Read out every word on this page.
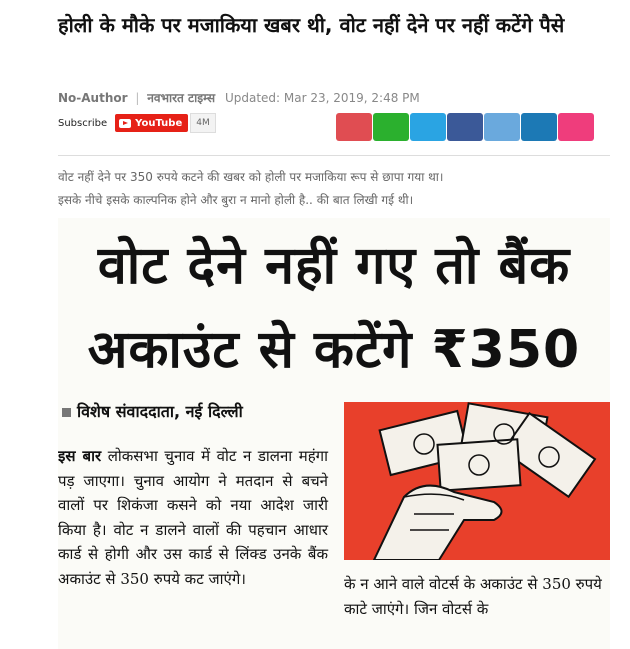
होली के मौके पर मजाकिया खबर थी, वोट नहीं देने पर नहीं कटेंगे पैसे
No-Author | नवभारत टाइम्स Updated: Mar 23, 2019, 2:48 PM
Subscribe	YouTube	4M
वोट नहीं देने पर 350 रुपये कटने की खबर को होली पर मजाकिया रूप से छापा गया था।
इसके नीचे इसके काल्पनिक होने और बुरा न मानो होली है.. की बात लिखी गई थी।
वोट देने नहीं गए तो बैंक
अकाउंट से कटेंगे ₹350
विशेष संवाददाता, नई दिल्ली
इस बार लोकसभा चुनाव में वोट न डालना महंगा पड़ जाएगा। चुनाव आयोग ने मतदान से बचने वालों पर शिकंजा कसने को नया आदेश जारी किया है। वोट न डालने वालों की पहचान आधार कार्ड से होगी और उस कार्ड से लिंक्ड उनके बैंक अकाउंट से 350 रुपये कट जाएंगे।	के न आने वाले वोटर्स के अकाउंट से 350 रुपये काटे जाएंगे। जिन वोटर्स के
